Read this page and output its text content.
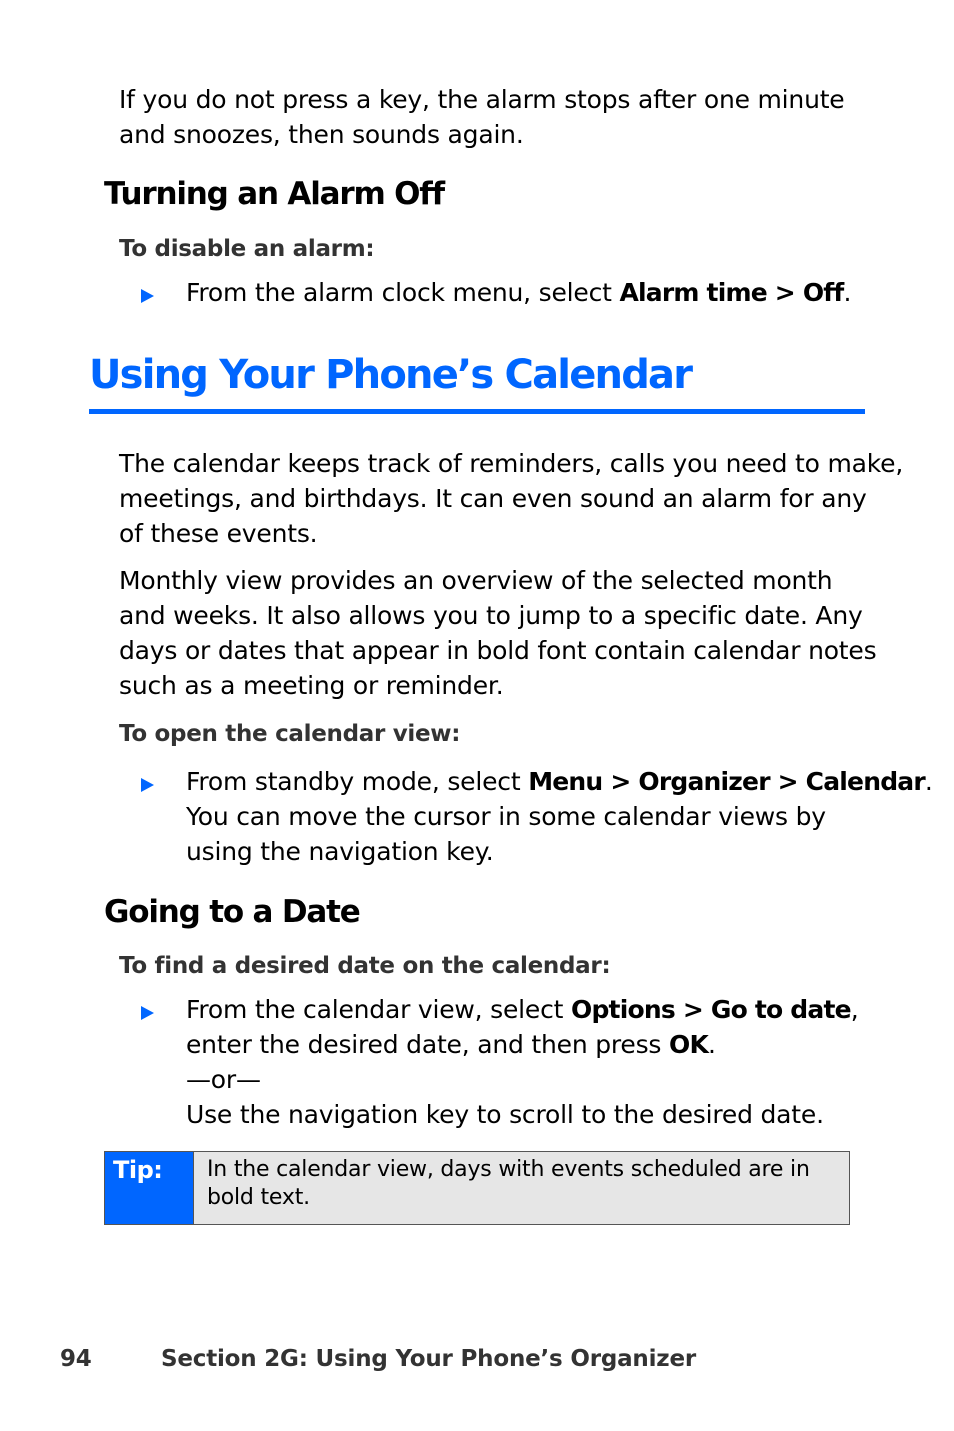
If you do not press a key, the alarm stops after one minute
and snoozes, then sounds again.
Turning an Alarm Off
To disable an alarm:
From the alarm clock menu, select Alarm time > Off.
Using Your Phone’s Calendar
The calendar keeps track of reminders, calls you need to make,
meetings, and birthdays. It can even sound an alarm for any
of these events.
Monthly view provides an overview of the selected month
and weeks. It also allows you to jump to a specific date. Any
days or dates that appear in bold font contain calendar notes
such as a meeting or reminder.
To open the calendar view:
From standby mode, select Menu > Organizer > Calendar.
You can move the cursor in some calendar views by
using the navigation key.
Going to a Date
To find a desired date on the calendar:
From the calendar view, select Options > Go to date,
enter the desired date, and then press OK.
—or—
Use the navigation key to scroll to the desired date.
Tip:	In the calendar view, days with events scheduled are in
bold text.
94	Section 2G: Using Your Phone’s Organizer
